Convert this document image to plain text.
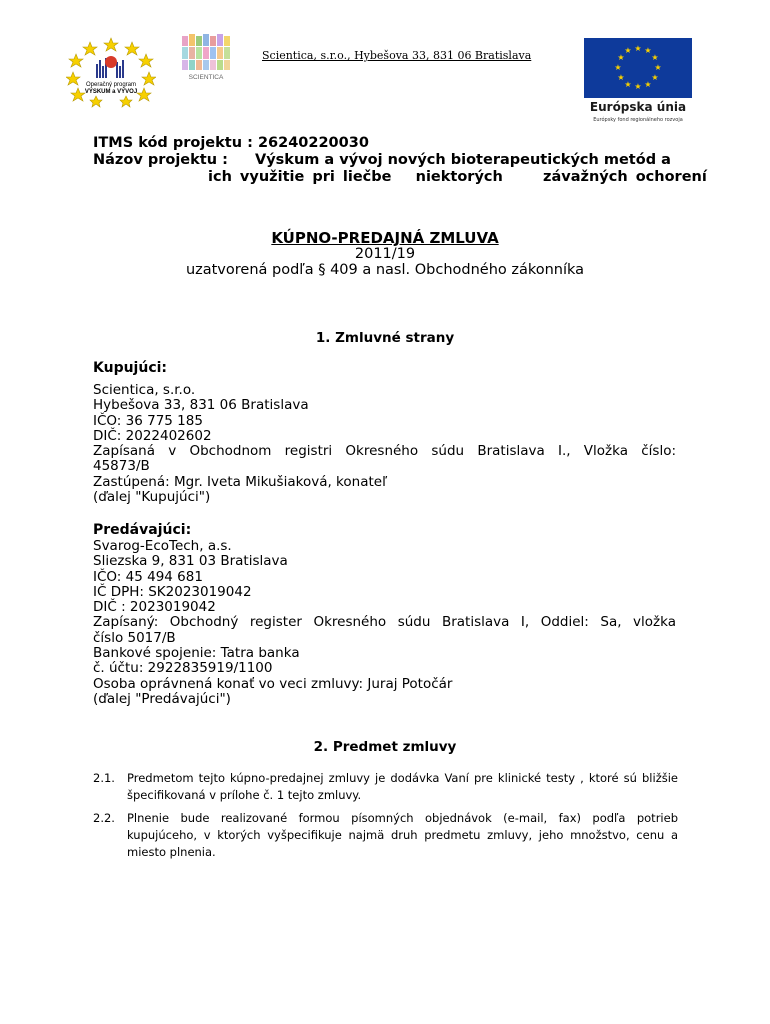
Operačný program
VÝSKUM a VÝVOJ
SCIENTICA
Scientica, s.r.o., Hybešova 33, 831 06 Bratislava
★ ★
★
★
★
★
★
★
★
★
★
★
Európska únia
Európsky fond regionálneho rozvoja
ITMS kód projektu : 26240220030
Názov projektu : Výskum a vývoj nových bioterapeutických metód a
ich využitie pri liečbe   niektorých     závažných ochorení
KÚPNO-PREDAJNÁ ZMLUVA
2011/19
uzatvorená podľa § 409 a nasl. Obchodného zákonníka
1. Zmluvné strany
Kupujúci:
Scientica, s.r.o.
Hybešova 33, 831 06 Bratislava
IČO: 36 775 185
DIČ: 2022402602
Zapísaná v Obchodnom registri Okresného súdu Bratislava I., Vložka číslo:
45873/B
Zastúpená: Mgr. Iveta Mikušiaková, konateľ
(ďalej "Kupujúci")
Predávajúci:
Svarog-EcoTech, a.s.
Sliezska 9, 831 03 Bratislava
IČO: 45 494 681
IČ DPH: SK2023019042
DIČ : 2023019042
Zapísaný: Obchodný register Okresného súdu Bratislava I, Oddiel: Sa, vložka
číslo 5017/B
Bankové spojenie: Tatra banka
č. účtu: 2922835919/1100
Osoba oprávnená konať vo veci zmluvy: Juraj Potočár
(ďalej "Predávajúci")
2. Predmet zmluvy
2.1. Predmetom tejto kúpno-predajnej zmluvy je dodávka Vaní pre klinické testy , ktoré sú bližšie špecifikovaná v prílohe č. 1 tejto zmluvy.
2.2. Plnenie bude realizované formou písomných objednávok (e-mail, fax) podľa potrieb kupujúceho, v ktorých vyšpecifikuje najmä druh predmetu zmluvy, jeho množstvo, cenu a miesto plnenia.
